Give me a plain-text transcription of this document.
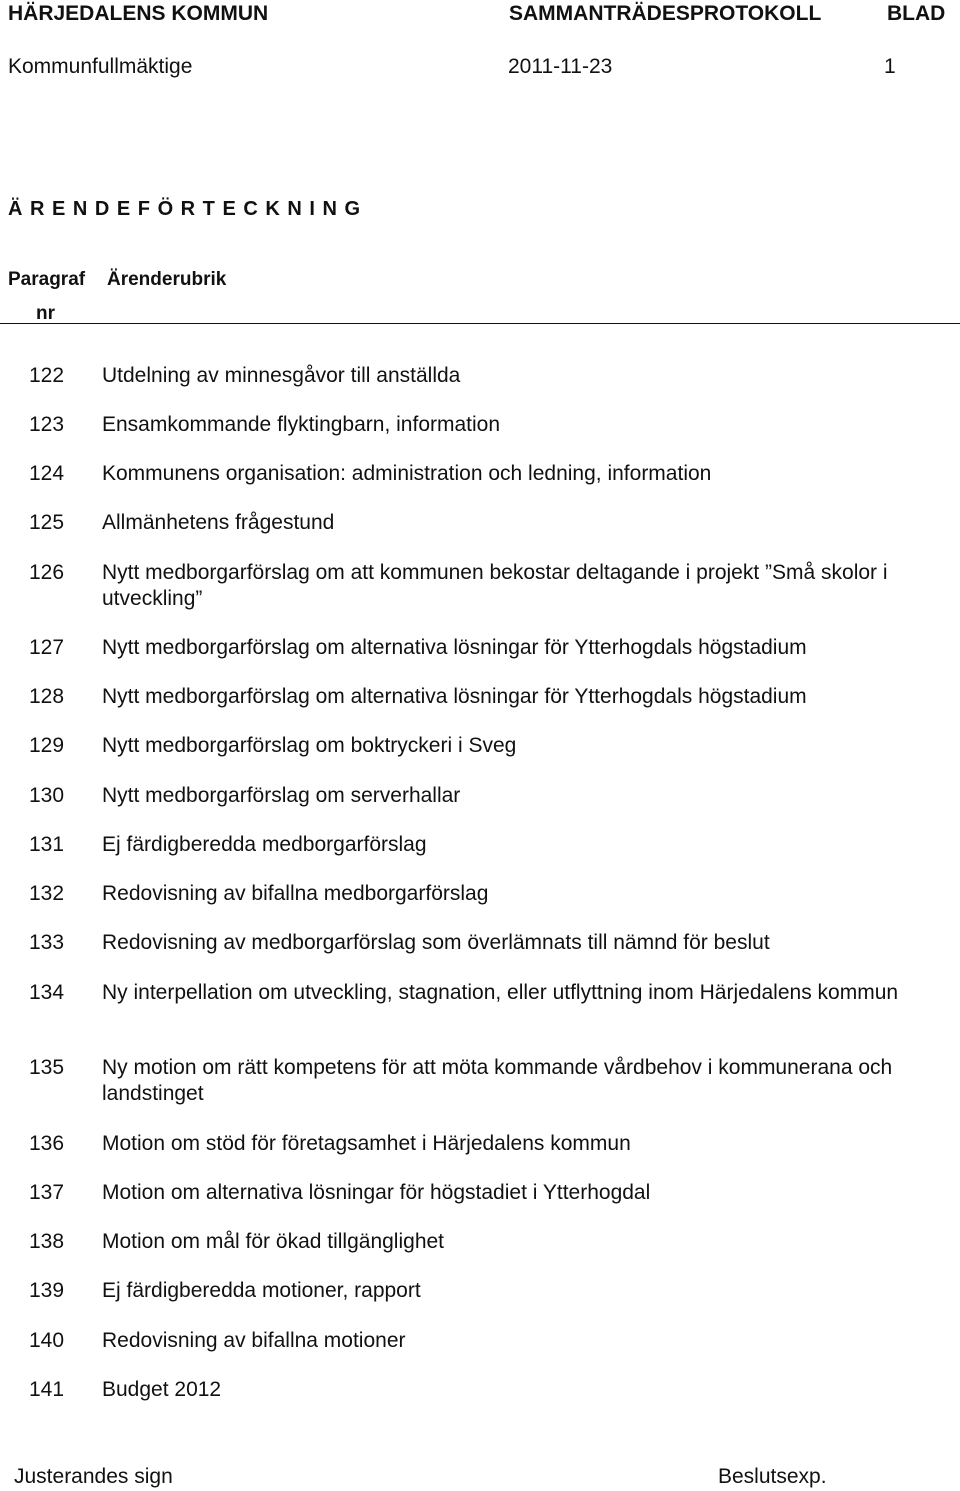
HÄRJEDALENS KOMMUN	SAMMANTRÄDESPROTOKOLL	BLAD
Kommunfullmäktige	2011-11-23	1
Ä R E N D E F Ö R T E C K N I N G
Paragraf
nr
Ärenderubrik
122 Utdelning av minnesgåvor till anställda
123 Ensamkommande flyktingbarn, information
124 Kommunens organisation: administration och ledning, information
125 Allmänhetens frågestund
126 Nytt medborgarförslag om att kommunen bekostar deltagande i projekt ”Små skolor i utveckling”
127 Nytt medborgarförslag om alternativa lösningar för Ytterhogdals högstadium
128 Nytt medborgarförslag om alternativa lösningar för Ytterhogdals högstadium
129 Nytt medborgarförslag om boktryckeri i Sveg
130 Nytt medborgarförslag om serverhallar
131 Ej färdigberedda medborgarförslag
132 Redovisning av bifallna medborgarförslag
133 Redovisning av medborgarförslag som överlämnats till nämnd för beslut
134 Ny interpellation om utveckling, stagnation, eller utflyttning inom Härjedalens kommun
135 Ny motion om rätt kompetens för att möta kommande vårdbehov i kommunerana och landstinget
136 Motion om stöd för företagsamhet i Härjedalens kommun
137 Motion om alternativa lösningar för högstadiet i Ytterhogdal
138 Motion om mål för ökad tillgänglighet
139 Ej färdigberedda motioner, rapport
140 Redovisning av bifallna motioner
141 Budget 2012
Justerandes sign	Beslutsexp.
